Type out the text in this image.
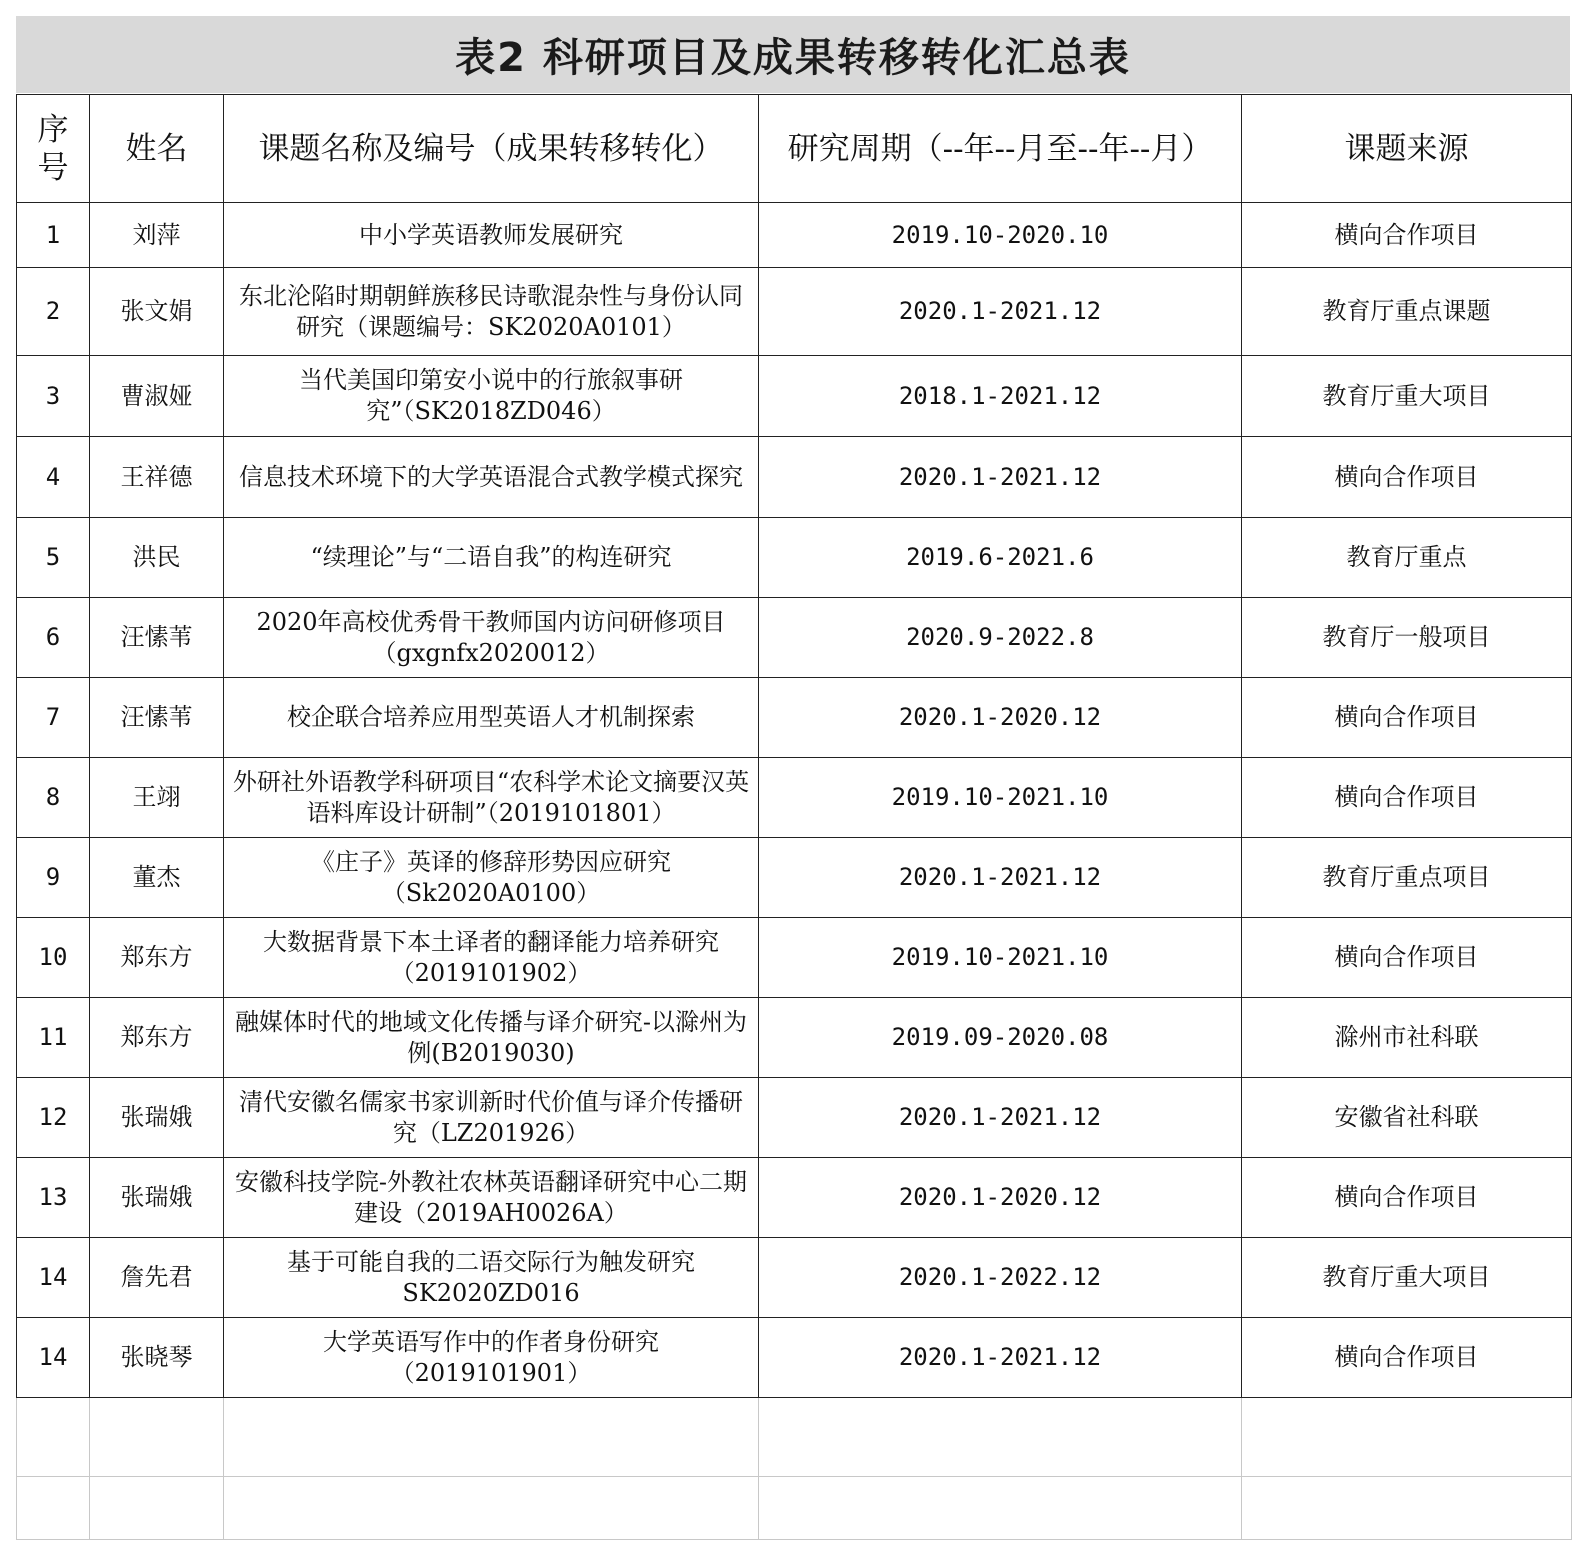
表2 科研项目及成果转移转化汇总表
序号	姓名	课题名称及编号（成果转移转化）	研究周期（--年--月至--年--月）	课题来源
1	刘萍	中小学英语教师发展研究	2019.10-2020.10	横向合作项目
2	张文娟	东北沦陷时期朝鲜族移民诗歌混杂性与身份认同研究（课题编号：SK2020A0101）	2020.1-2021.12	教育厅重点课题
3	曹淑娅	当代美国印第安小说中的行旅叙事研究”（SK2018ZD046）	2018.1-2021.12	教育厅重大项目
4	王祥德	信息技术环境下的大学英语混合式教学模式探究	2020.1-2021.12	横向合作项目
5	洪民	“续理论”与“二语自我”的构连研究	2019.6-2021.6	教育厅重点
6	汪愫苇	2020年高校优秀骨干教师国内访问研修项目（gxgnfx2020012）	2020.9-2022.8	教育厅一般项目
7	汪愫苇	校企联合培养应用型英语人才机制探索	2020.1-2020.12	横向合作项目
8	王翊	外研社外语教学科研项目“农科学术论文摘要汉英语料库设计研制”（2019101801）	2019.10-2021.10	横向合作项目
9	董杰	《庄子》英译的修辞形势因应研究（Sk2020A0100）	2020.1-2021.12	教育厅重点项目
10	郑东方	大数据背景下本土译者的翻译能力培养研究（2019101902）	2019.10-2021.10	横向合作项目
11	郑东方	融媒体时代的地域文化传播与译介研究-以滁州为例(B2019030)	2019.09-2020.08	滁州市社科联
12	张瑞娥	清代安徽名儒家书家训新时代价值与译介传播研究（LZ201926）	2020.1-2021.12	安徽省社科联
13	张瑞娥	安徽科技学院-外教社农林英语翻译研究中心二期建设（2019AH0026A）	2020.1-2020.12	横向合作项目
14	詹先君	基于可能自我的二语交际行为触发研究SK2020ZD016	2020.1-2022.12	教育厅重大项目
14	张晓琴	大学英语写作中的作者身份研究（2019101901）	2020.1-2021.12	横向合作项目
